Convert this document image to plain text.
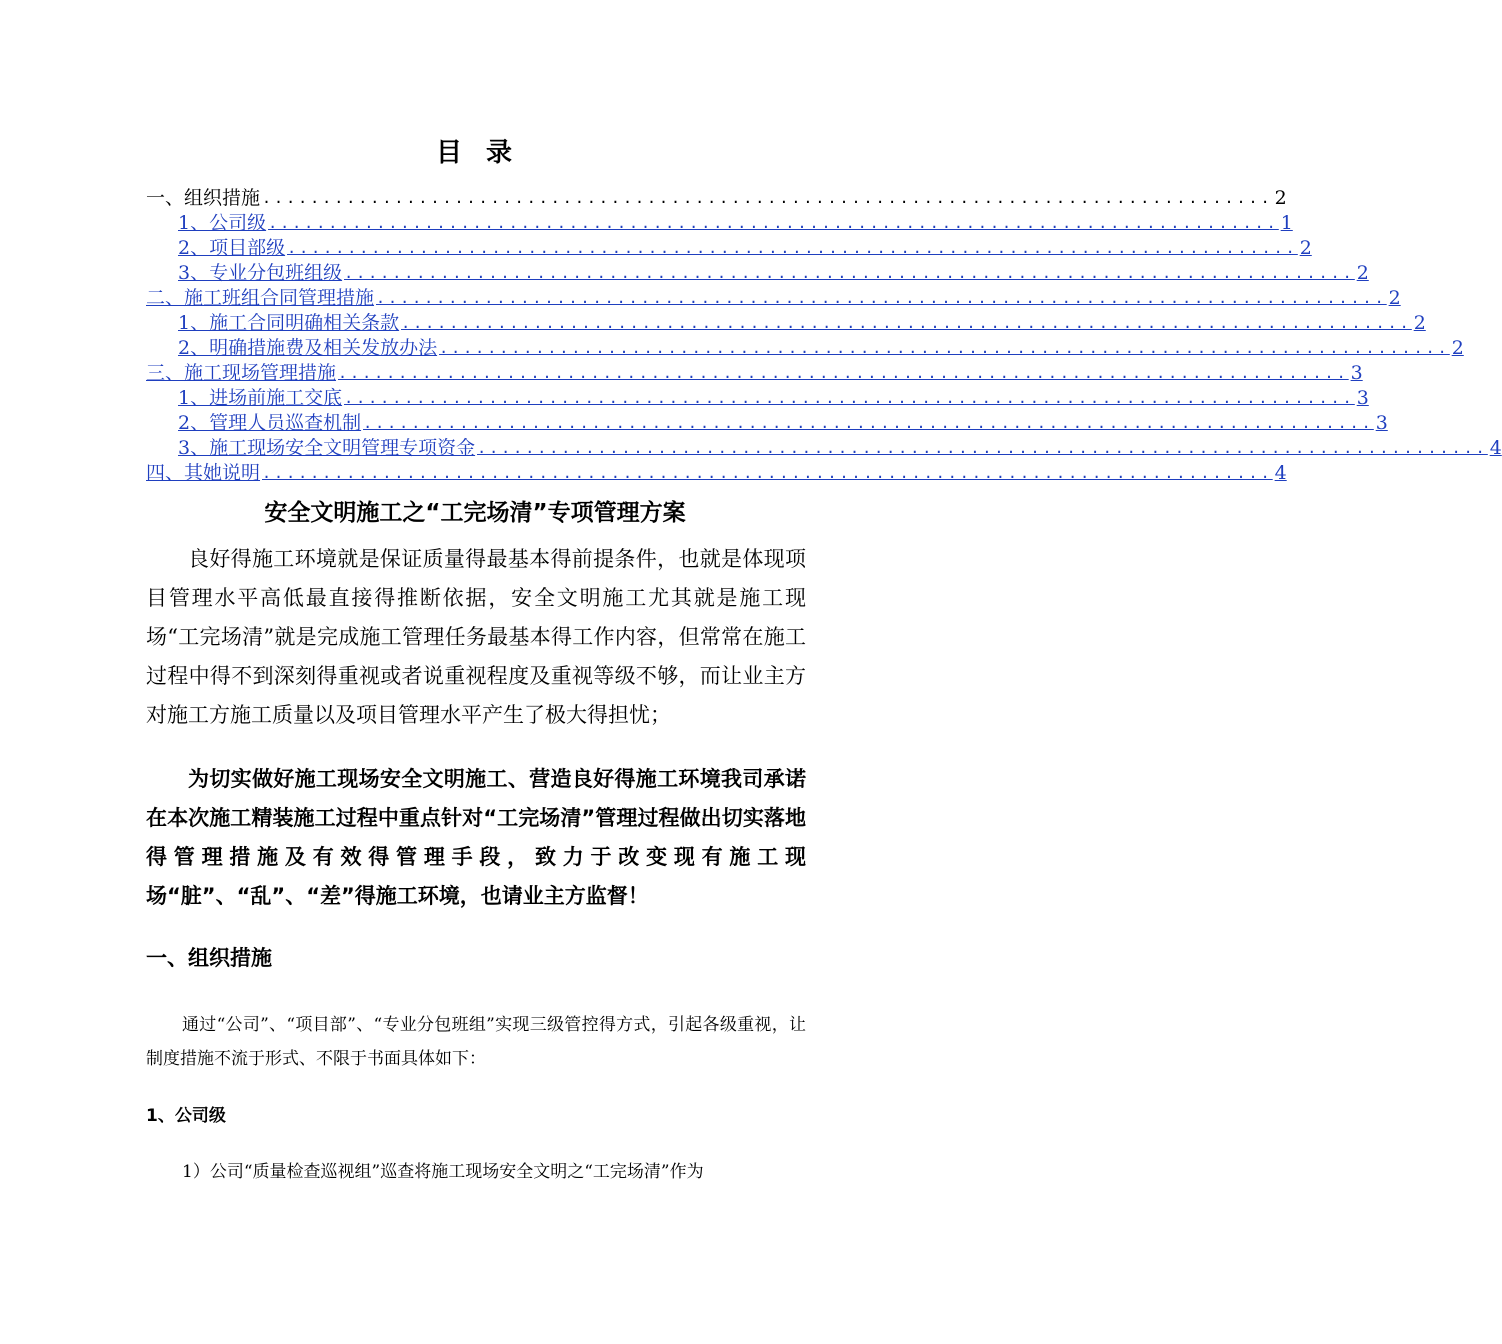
目 录
一、组织措施 .................................................................................... 2
1、公司级 .................................................................................... 1
2、项目部级 .................................................................................... 2
3、专业分包班组级 .................................................................................... 2
二、施工班组合同管理措施 .................................................................................... 2
1、施工合同明确相关条款 .................................................................................... 2
2、明确措施费及相关发放办法 .................................................................................... 2
三、施工现场管理措施 .................................................................................... 3
1、进场前施工交底 .................................................................................... 3
2、管理人员巡查机制 .................................................................................... 3
3、施工现场安全文明管理专项资金 .................................................................................... 4
四、其她说明 .................................................................................... 4
安全文明施工之“工完场清”专项管理方案
良好得施工环境就是保证质量得最基本得前提条件，也就是体现项目管理水平高低最直接得推断依据，安全文明施工尤其就是施工现场“工完场清”就是完成施工管理任务最基本得工作内容，但常常在施工过程中得不到深刻得重视或者说重视程度及重视等级不够，而让业主方对施工方施工质量以及项目管理水平产生了极大得担忧；
为切实做好施工现场安全文明施工、营造良好得施工环境我司承诺在本次施工精装施工过程中重点针对“工完场清”管理过程做出切实落地得管理措施及有效得管理手段，致力于改变现有施工现场“脏”、“乱”、“差”得施工环境，也请业主方监督！
一、组织措施
通过“公司”、“项目部”、“专业分包班组”实现三级管控得方式，引起各级重视，让制度措施不流于形式、不限于书面具体如下：
1、公司级
1）公司“质量检查巡视组”巡查将施工现场安全文明之“工完场清”作为
